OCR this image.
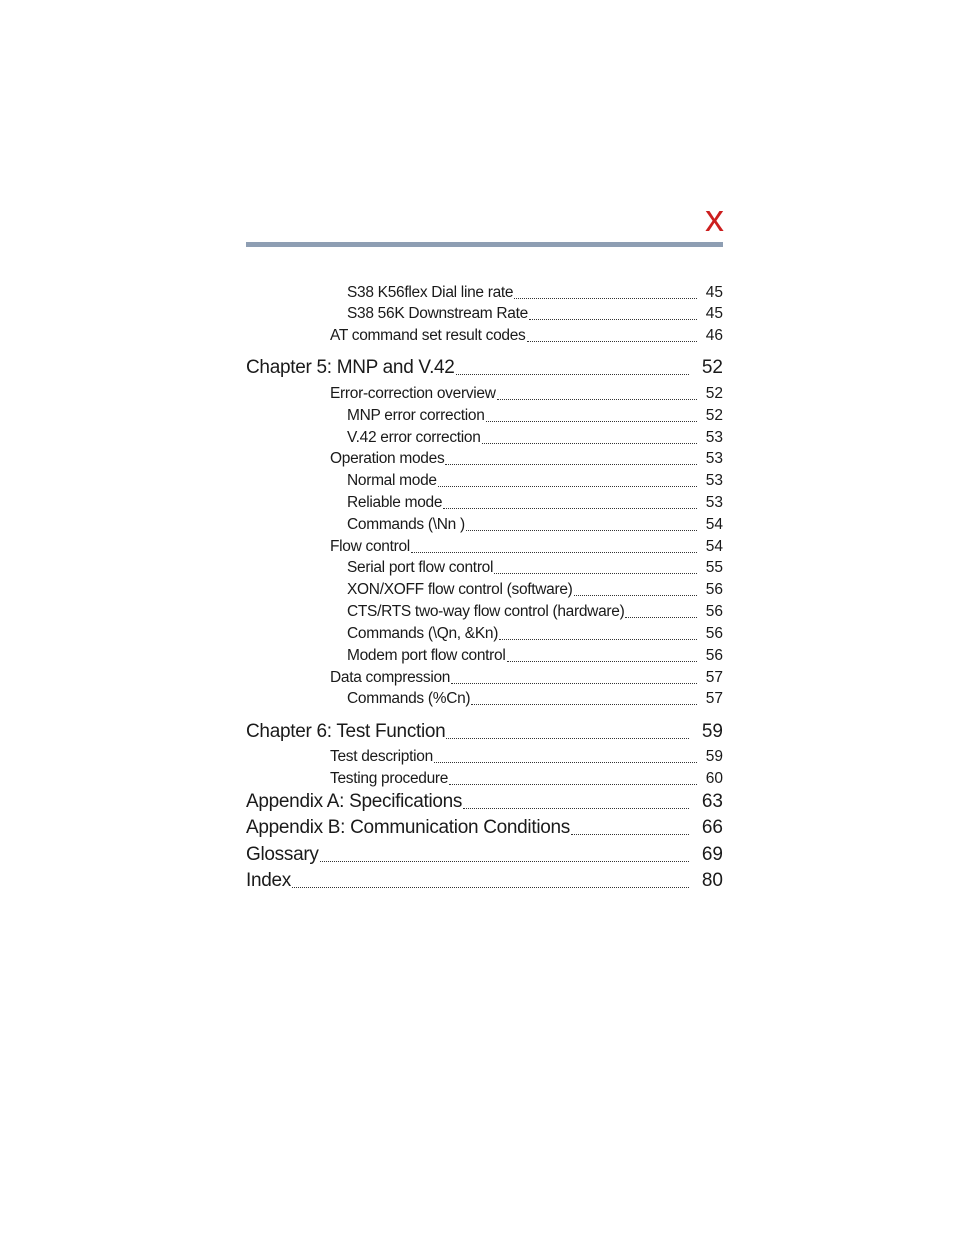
x
S38 K56flex Dial line rate	45
S38 56K Downstream Rate	45
AT command set result codes	46
Chapter 5: MNP and V.42	52
Error-correction overview	52
MNP error correction	52
V.42 error correction	53
Operation modes	53
Normal mode	53
Reliable mode	53
Commands (\Nn )	54
Flow control	54
Serial port flow control	55
XON/XOFF flow control (software)	56
CTS/RTS two-way flow control (hardware)	56
Commands (\Qn, &Kn)	56
Modem port flow control	56
Data compression	57
Commands (%Cn)	57
Chapter 6: Test Function	59
Test description	59
Testing procedure	60
Appendix A: Specifications	63
Appendix B: Communication Conditions	66
Glossary	69
Index	80
